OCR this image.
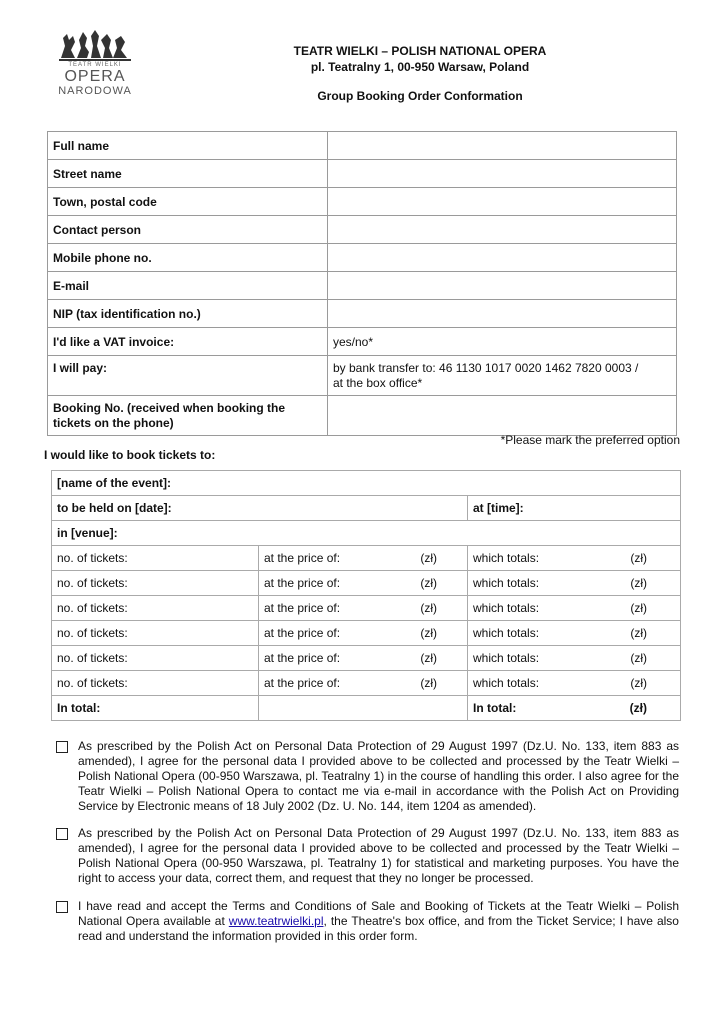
TEATR WIELKI
OPERA
NARODOWA
TEATR WIELKI – POLISH NATIONAL OPERA
pl. Teatralny 1, 00-950 Warsaw, Poland
Group Booking Order Conformation
Full name	
Street name	
Town, postal code	
Contact person	
Mobile phone no.	
E-mail	
NIP (tax identification no.)	
I'd like a VAT invoice:	yes/no*
I will pay:	by bank transfer to: 46 1130 1017 0020 1462 7820 0003 /
at the box office*

Booking No. (received when booking the tickets on the phone)	
*Please mark the preferred option
I would like to book tickets to:
[name of the event]:		
to be held on [date]:		at [time]:
in [venue]:		
no. of tickets:	at the price of: (zł)	which totals: (zł)

no. of tickets:	at the price of: (zł)	which totals: (zł)

no. of tickets:	at the price of: (zł)	which totals: (zł)

no. of tickets:	at the price of: (zł)	which totals: (zł)

no. of tickets:	at the price of: (zł)	which totals: (zł)

no. of tickets:	at the price of: (zł)	which totals: (zł)

In total:		In total: (zł)
As prescribed by the Polish Act on Personal Data Protection of 29 August 1997 (Dz.U. No. 133, item 883 as amended), I agree for the personal data I provided above to be collected and processed by the Teatr Wielki – Polish National Opera (00-950 Warszawa, pl. Teatralny 1) in the course of handling this order. I also agree for the Teatr Wielki – Polish National Opera to contact me via e-mail in accordance with the Polish Act on Providing Service by Electronic means of 18 July 2002 (Dz. U. No. 144, item 1204 as amended).
As prescribed by the Polish Act on Personal Data Protection of 29 August 1997 (Dz.U. No. 133, item 883 as amended), I agree for the personal data I provided above to be collected and processed by the Teatr Wielki – Polish National Opera (00-950 Warszawa, pl. Teatralny 1) for statistical and marketing purposes. You have the right to access your data, correct them, and request that they no longer be processed.
I have read and accept the Terms and Conditions of Sale and Booking of Tickets at the Teatr Wielki – Polish National Opera available at www.teatrwielki.pl, the Theatre's box office, and from the Ticket Service; I have also read and understand the information provided in this order form.
